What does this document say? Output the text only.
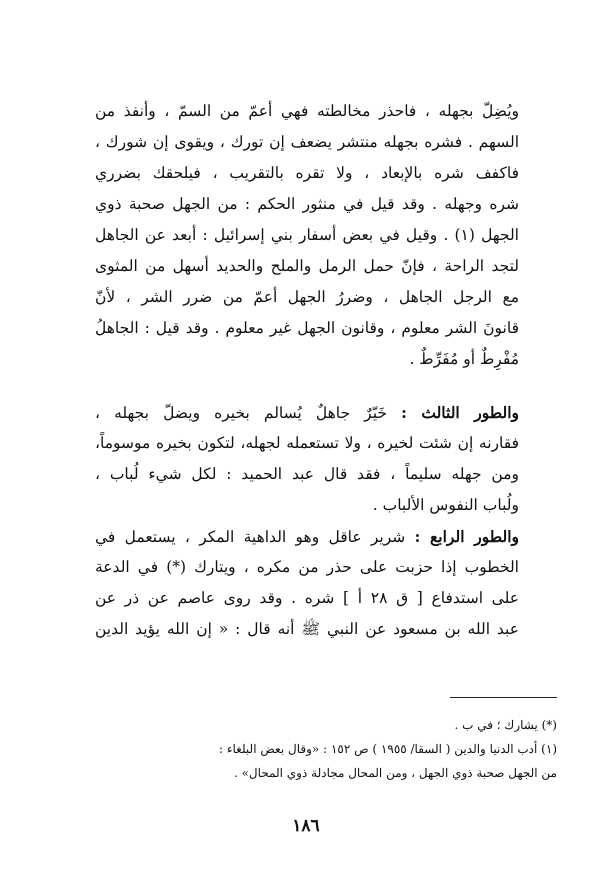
ويُضِلّ بجهله ، فاحذر مخالطته فهي أعمّ من السمّ ، وأنفذ من
السهم . فشره بجهله منتشر يضعف إن تورك ، ويقوى إن شورك ،
فاكفف شره بالإبعاد ، ولا تقره بالتقريب ، فيلحقك بضرري
شره وجهله . وقد قيل في منثور الحكم : من الجهل صحبة ذوي
الجهل (١) . وقيل في بعض أسفار بني إسرائيل : أبعد عن الجاهل
لتجد الراحة ، فإنّ حمل الرمل والملح والحديد أسهل من المثوى
مع الرجل الجاهل ، وضررُ الجهل أعمّ من ضرر الشر ، لأنّ
قانونَ الشر معلوم ، وقانون الجهل غير معلوم . وقد قيل : الجاهلُ
مُفْرِطٌ أو مُفَرِّطٌ .
والطور الثالث : خَيّرٌ جاهلٌ يُسالم بخيره ويضلّ بجهله ،
فقارنه إن شئت لخيره ، ولا تستعمله لجهله، لتكون بخيره موسوماً،
ومن جهله سليماً ، فقد قال عبد الحميد : لكل شيء لُباب ،
ولُباب النفوس الألباب .
والطور الرابع : شرير عاقل وهو الداهية المكر ، يستعمل في
الخطوب إذا حزبت على حذر من مكره ، ويتارك (*) في الدعة
على استدفاع [ ق ٢٨ أ ] شره . وقد روى عاصم عن ذر عن
عبد الله بن مسعود عن النبي ﷺ أنه قال : « إن الله يؤيد الدين
(*) يشارك ؛ في ب .
(١) أدب الدنيا والدين ( السقا/ ١٩٥٥ ) ص ١٥٢ : «وقال بعض البلغاء :
من الجهل صحبة ذوي الجهل ، ومن المحال مجادلة ذوي المحال» .
١٨٦
